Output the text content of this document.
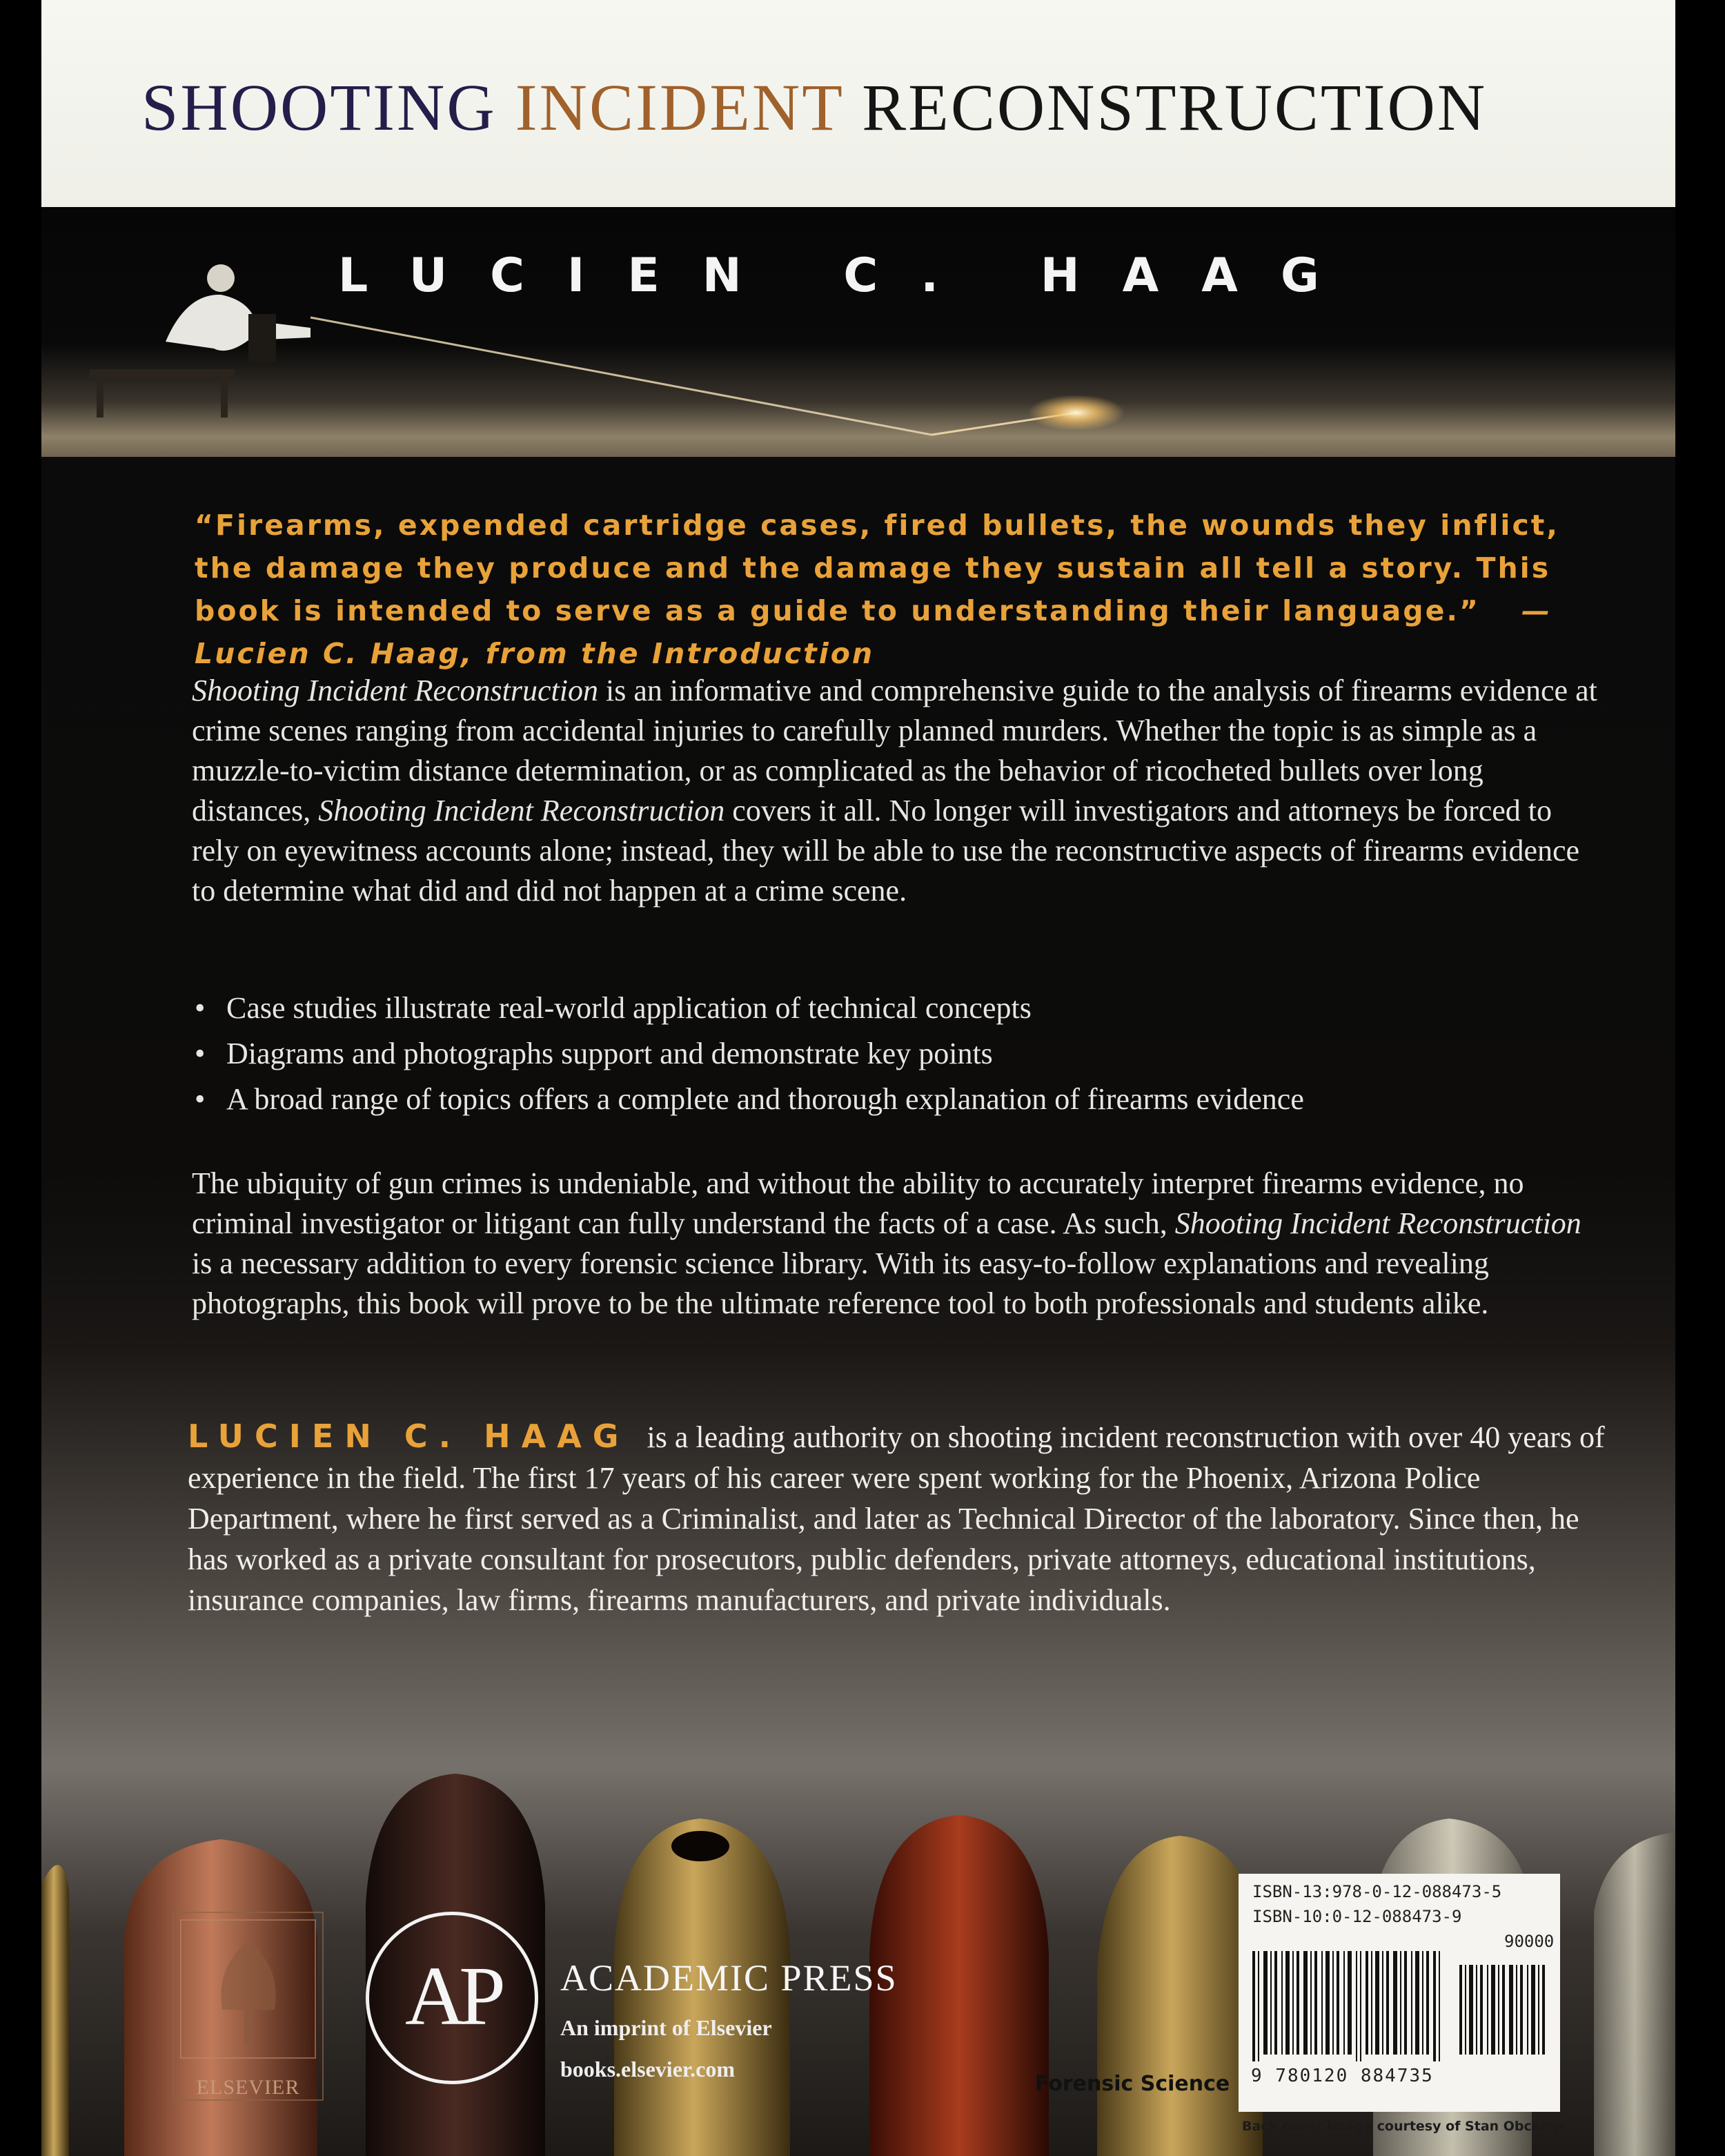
SHOOTING INCIDENT RECONSTRUCTION
LUCIEN C. HAAG
“Firearms, expended cartridge cases, fired bullets, the wounds they inflict, the damage they produce and the damage they sustain all tell a story. This book is intended to serve as a guide to understanding their language.” —Lucien C. Haag, from the Introduction
Shooting Incident Reconstruction is an informative and comprehensive guide to the analysis of firearms evidence at crime scenes ranging from accidental injuries to carefully planned murders. Whether the topic is as simple as a muzzle-to-victim distance determination, or as complicated as the behavior of ricocheted bullets over long distances, Shooting Incident Reconstruction covers it all. No longer will investigators and attorneys be forced to rely on eyewitness accounts alone; instead, they will be able to use the reconstructive aspects of firearms evidence to determine what did and did not happen at a crime scene.
• Case studies illustrate real-world application of technical concepts
• Diagrams and photographs support and demonstrate key points
• A broad range of topics offers a complete and thorough explanation of firearms evidence
The ubiquity of gun crimes is undeniable, and without the ability to accurately interpret firearms evidence, no criminal investigator or litigant can fully understand the facts of a case. As such, Shooting Incident Reconstruction is a necessary addition to every forensic science library. With its easy-to-follow explanations and revealing photographs, this book will prove to be the ultimate reference tool to both professionals and students alike.
LUCIEN C. HAAG is a leading authority on shooting incident reconstruction with over 40 years of experience in the field. The first 17 years of his career were spent working for the Phoenix, Arizona Police Department, where he first served as a Criminalist, and later as Technical Director of the laboratory. Since then, he has worked as a private consultant for prosecutors, public defenders, private attorneys, educational institutions, insurance companies, law firms, firearms manufacturers, and private individuals.
ELSEVIER
AP	ACADEMIC PRESS
An imprint of Elsevier
books.elsevier.com
Forensic Science
ISBN-13:978-0-12-088473-5
ISBN-10:0-12-088473-9
90000
9 780120 884735
Back cover image courtesy of Stan Obcamp
